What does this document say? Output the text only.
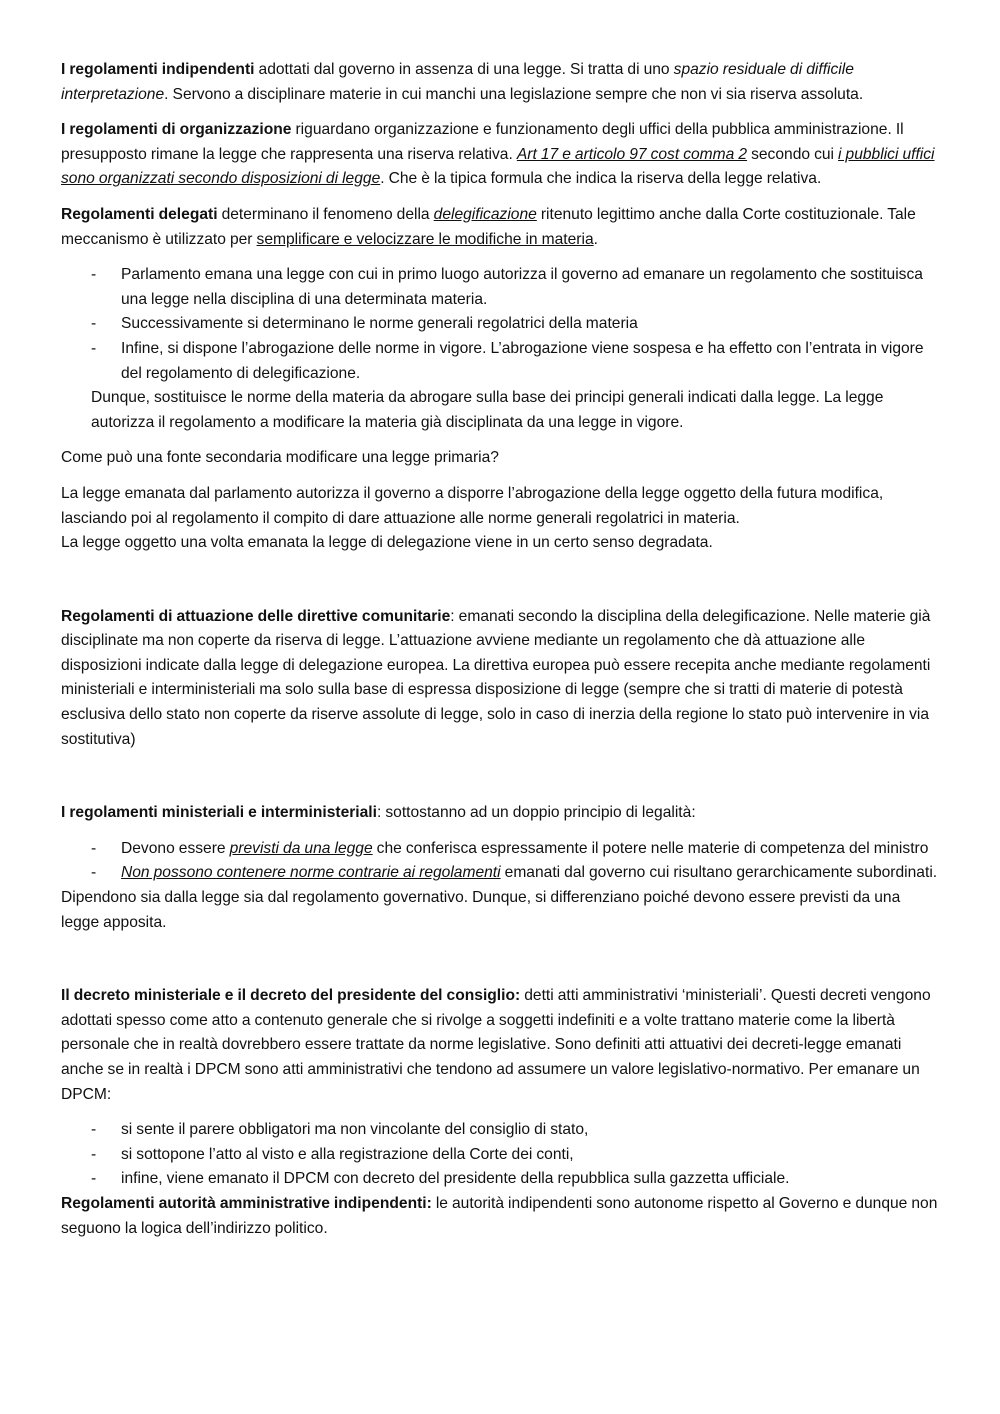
I regolamenti indipendenti adottati dal governo in assenza di una legge. Si tratta di uno spazio residuale di difficile interpretazione. Servono a disciplinare materie in cui manchi una legislazione sempre che non vi sia riserva assoluta.

I regolamenti di organizzazione riguardano organizzazione e funzionamento degli uffici della pubblica amministrazione. Il presupposto rimane la legge che rappresenta una riserva relativa. Art 17 e articolo 97 cost comma 2 secondo cui i pubblici uffici sono organizzati secondo disposizioni di legge. Che è la tipica formula che indica la riserva della legge relativa.

Regolamenti delegati determinano il fenomeno della delegificazione ritenuto legittimo anche dalla Corte costituzionale. Tale meccanismo è utilizzato per semplificare e velocizzare le modifiche in materia.

- Parlamento emana una legge con cui in primo luogo autorizza il governo ad emanare un regolamento che sostituisca una legge nella disciplina di una determinata materia.
- Successivamente si determinano le norme generali regolatrici della materia
- Infine, si dispone l’abrogazione delle norme in vigore. L’abrogazione viene sospesa e ha effetto con l’entrata in vigore del regolamento di delegificazione.

Dunque, sostituisce le norme della materia da abrogare sulla base dei principi generali indicati dalla legge. La legge autorizza il regolamento a modificare la materia già disciplinata da una legge in vigore.

Come può una fonte secondaria modificare una legge primaria?

La legge emanata dal parlamento autorizza il governo a disporre l’abrogazione della legge oggetto della futura modifica, lasciando poi al regolamento il compito di dare attuazione alle norme generali regolatrici in materia.
La legge oggetto una volta emanata la legge di delegazione viene in un certo senso degradata.

Regolamenti di attuazione delle direttive comunitarie: emanati secondo la disciplina della delegificazione. Nelle materie già disciplinate ma non coperte da riserva di legge. L’attuazione avviene mediante un regolamento che dà attuazione alle disposizioni indicate dalla legge di delegazione europea. La direttiva europea può essere recepita anche mediante regolamenti ministeriali e interministeriali ma solo sulla base di espressa disposizione di legge (sempre che si tratti di materie di potestà esclusiva dello stato non coperte da riserve assolute di legge, solo in caso di inerzia della regione lo stato può intervenire in via sostitutiva)

I regolamenti ministeriali e interministeriali: sottostanno ad un doppio principio di legalità:

- Devono essere previsti da una legge che conferisca espressamente il potere nelle materie di competenza del ministro
- Non possono contenere norme contrarie ai regolamenti emanati dal governo cui risultano gerarchicamente subordinati.

Dipendono sia dalla legge sia dal regolamento governativo. Dunque, si differenziano poiché devono essere previsti da una legge apposita.

Il decreto ministeriale e il decreto del presidente del consiglio: detti atti amministrativi ‘ministeriali’. Questi decreti vengono adottati spesso come atto a contenuto generale che si rivolge a soggetti indefiniti e a volte trattano materie come la libertà personale che in realtà dovrebbero essere trattate da norme legislative. Sono definiti atti attuativi dei decreti-legge emanati anche se in realtà i DPCM sono atti amministrativi che tendono ad assumere un valore legislativo-normativo. Per emanare un DPCM:

- si sente il parere obbligatori ma non vincolante del consiglio di stato,
- si sottopone l’atto al visto e alla registrazione della Corte dei conti,
- infine, viene emanato il DPCM con decreto del presidente della repubblica sulla gazzetta ufficiale.

Regolamenti autorità amministrative indipendenti: le autorità indipendenti sono autonome rispetto al Governo e dunque non seguono la logica dell’indirizzo politico.
